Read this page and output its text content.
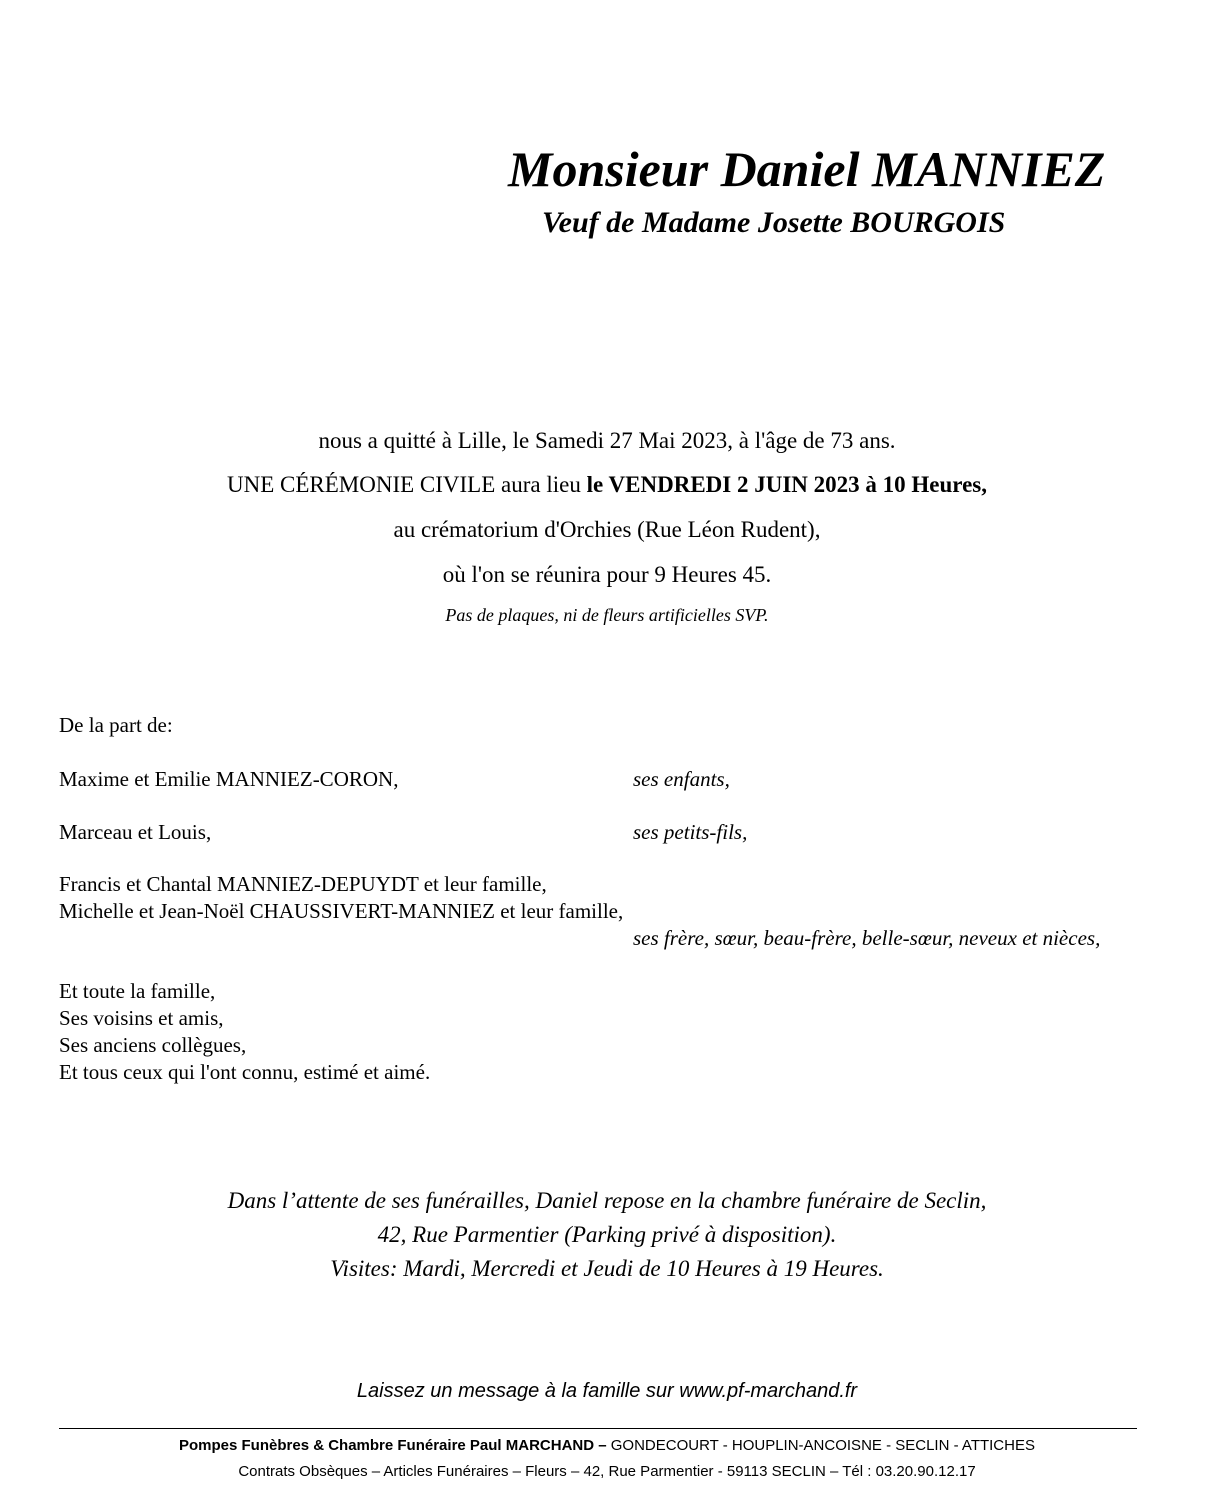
Monsieur Daniel MANNIEZ
Veuf de Madame Josette BOURGOIS
nous a quitté à Lille, le Samedi 27 Mai 2023, à l'âge de 73 ans.
UNE CÉRÉMONIE CIVILE aura lieu le VENDREDI 2 JUIN 2023 à 10 Heures,
au crématorium d'Orchies (Rue Léon Rudent),
où l'on se réunira pour 9 Heures 45.
Pas de plaques, ni de fleurs artificielles SVP.
De la part de:
Maxime et Emilie MANNIEZ-CORON,	ses enfants,
Marceau et Louis,	ses petits-fils,
Francis et Chantal MANNIEZ-DEPUYDT et leur famille,
Michelle et Jean-Noël CHAUSSIVERT-MANNIEZ et leur famille,
ses frère, sœur, beau-frère, belle-sœur, neveux et nièces,
Et toute la famille,
Ses voisins et amis,
Ses anciens collègues,
Et tous ceux qui l'ont connu, estimé et aimé.
Dans l’attente de ses funérailles, Daniel repose en la chambre funéraire de Seclin,
42, Rue Parmentier (Parking privé à disposition).
Visites: Mardi, Mercredi et Jeudi de 10 Heures à 19 Heures.
Laissez un message à la famille sur www.pf-marchand.fr
Pompes Funèbres & Chambre Funéraire Paul MARCHAND – GONDECOURT - HOUPLIN-ANCOISNE - SECLIN - ATTICHES
Contrats Obsèques – Articles Funéraires – Fleurs – 42, Rue Parmentier - 59113 SECLIN – Tél : 03.20.90.12.17
